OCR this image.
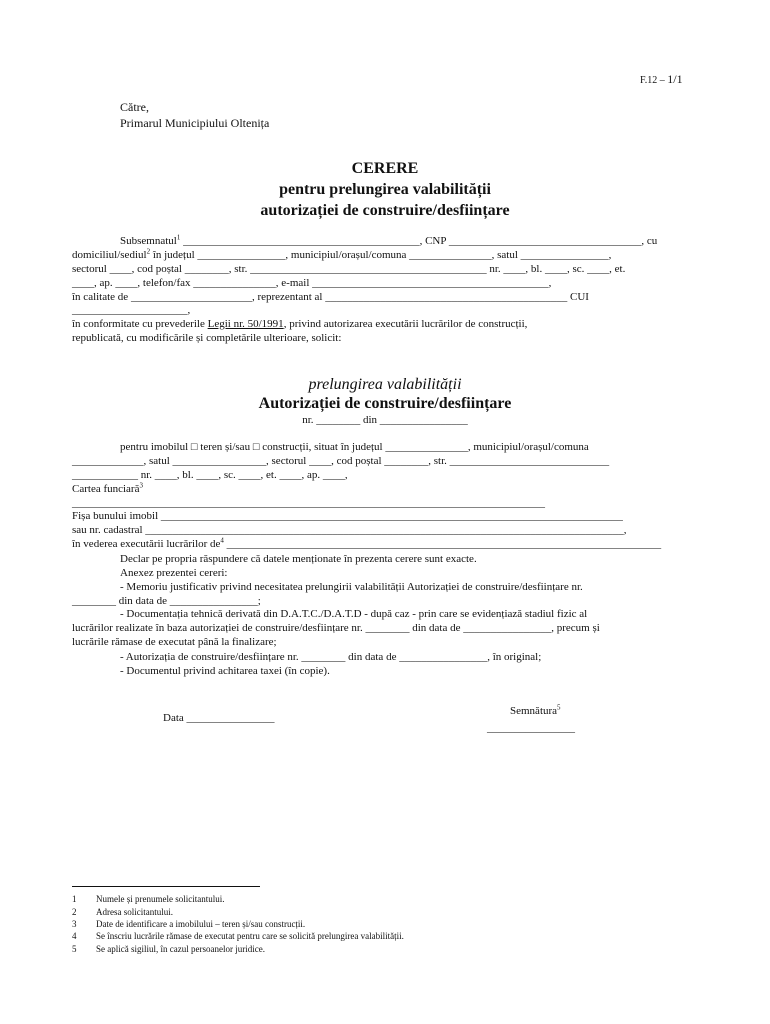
F.12 – 1/1
Către,
Primarul Municipiului Oltenița
CERERE
pentru prelungirea valabilității
autorizației de construire/desființare
Subsemnatul$^1$ ___________________________________________, CNP ___________________________________, cu
domiciliul/sediul$^2$ în județul ________________, municipiul/orașul/comuna _______________, satul ________________,
sectorul ____, cod poștal ________, str. ___________________________________________ nr. ____, bl. ____, sc. ____, et.
____, ap. ____, telefon/fax _______________, e-mail ___________________________________________,
în calitate de ______________________, reprezentant al ____________________________________________ CUI
_____________________,
în conformitate cu prevederile Legii nr. 50/1991, privind autorizarea executării lucrărilor de construcții,
republicată, cu modificările și completările ulterioare, solicit:
prelungirea valabilității
Autorizației de construire/desființare
nr. ________ din ________________
pentru imobilul □ teren și/sau □ construcții, situat în județul _______________, municipiul/orașul/comuna
_____________, satul _________________, sectorul ____, cod poștal ________, str. _____________________________
____________ nr. ____, bl. ____, sc. ____, et. ____, ap. ____,
Cartea funciară$^3$
______________________________________________________________________________________
Fișa bunului imobil ____________________________________________________________________________________
sau nr. cadastral _______________________________________________________________________________________,
în vederea executării lucrărilor $de^4$ _______________________________________________________________________________
Declar pe propria răspundere că datele menționate în prezenta cerere sunt exacte.
Anexez prezentei cereri:
- Memoriu justificativ privind necesitatea prelungirii valabilității Autorizației de construire/desființare nr.
________ din data de ________________;
- Documentația tehnică derivată din D.A.T.C./D.A.T.D - după caz - prin care se evidențiază stadiul fizic al
lucrărilor realizate în baza autorizației de construire/desființare nr. ________ din data de ________________, precum și
lucrările rămase de executat până la finalizare;
- Autorizația de construire/desființare nr. ________ din data de ________________, în original;
- Documentul privind achitarea taxei (în copie).
Semnătura$^5$
Data ________________
________________
1 Numele și prenumele solicitantului.
2 Adresa solicitantului.
3 Date de identificare a imobilului – teren și/sau construcții.
4 Se înscriu lucrările rămase de executat pentru care se solicită prelungirea valabilității.
5 Se aplică sigiliul, în cazul persoanelor juridice.
